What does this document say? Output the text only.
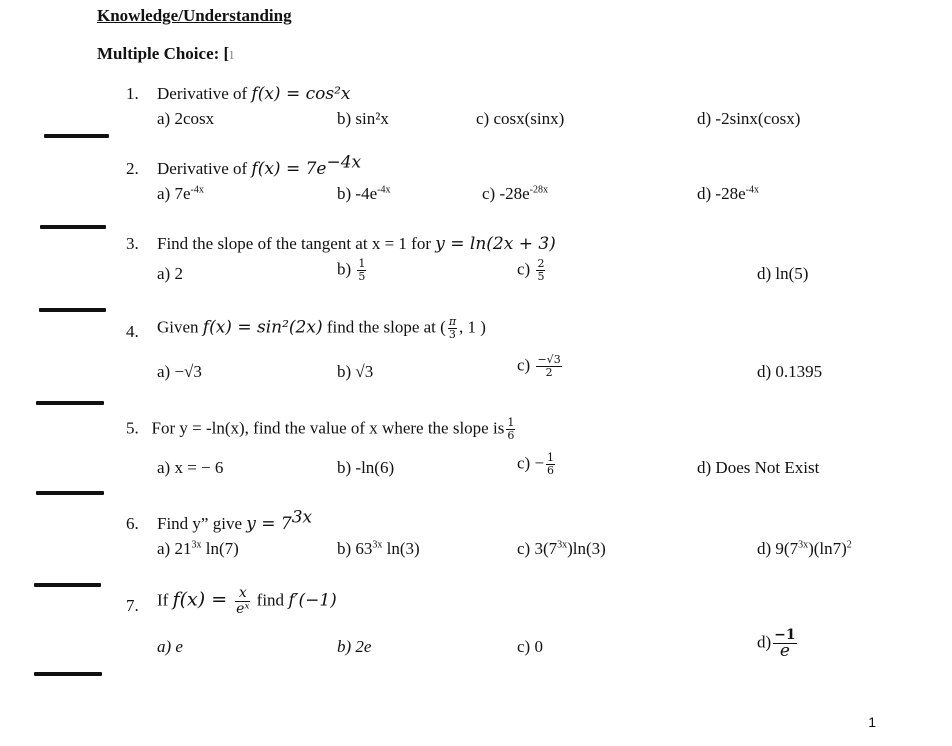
Knowledge/Understanding
Multiple Choice: [ı
1. Derivative of f(x) = cos²x
a) 2cosx	b) sin²x	c) cosx(sinx)	d) -2sinx(cosx)
2. Derivative of $f(x) = 7e^{-4x}$
a) $7e^{-4x}$	b) $-4e^{-4x}$	c) $-28e^{-28x}$	d) $-28e^{-4x}$
3. Find the slope of the tangent at x = 1 for y = ln(2x + 3)
a) 2	$b) \frac{1}{5}$	$c) \frac{2}{5}$	d) ln(5)
4. Given f(x) = sin²(2x) find the slope at ( $\frac{\pi}{3}$ , 1 )
a) −√3	b) √3	$c) \frac{-√3}{2}$	d) 0.1395
5. For y = -ln(x), find the value of x where the slope is $\frac{1}{6}$
a) x = − 6	b) -ln(6)	$c) - \frac{1}{6}$	d) Does Not Exist
6. Find y” give $y = 7^{3x}$
a) $21^{3x}$ ln(7)	b) $63^{3x}$ ln(3)	c) $3(7^{3x})\ln(3)$	d) $9(7^{3x})(\ln 7)^2$
7. If $f(x) = \frac{x}{\text{eˣ}}$ find f′(−1)
a) e	b) 2e	c) 0	$d) \frac{-1}{e}$
1
